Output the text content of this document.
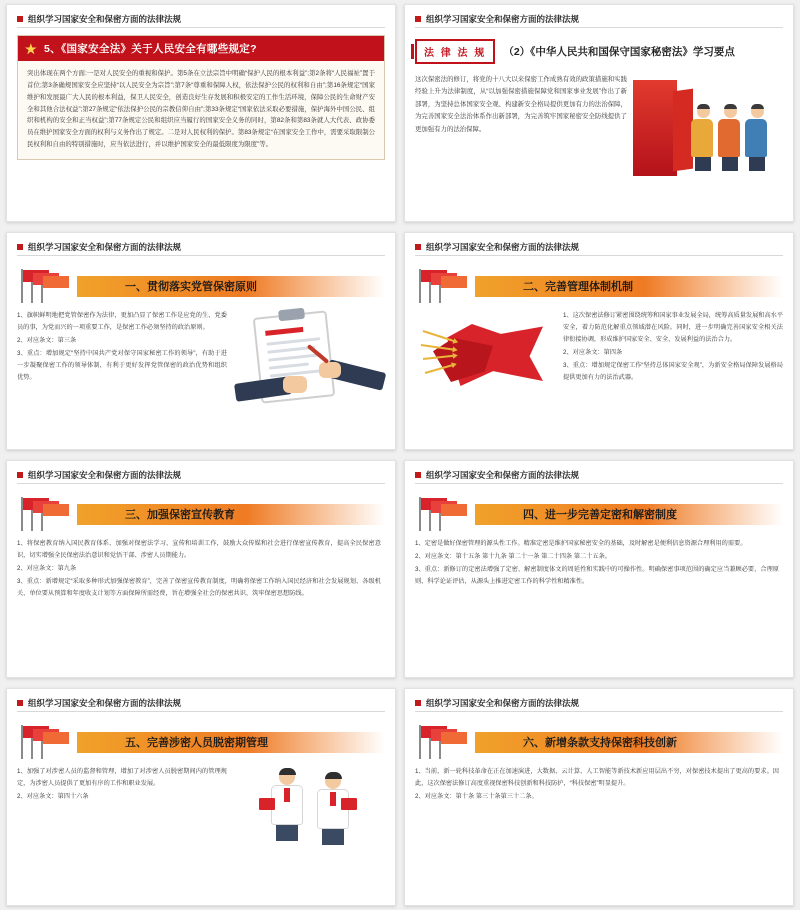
组织学习国家安全和保密方面的法律法规
★ 5、《国家安全法》关于人民安全有哪些规定?
突出体现在两个方面:一是对人民安全的重视和保护。第5条在立法宗旨中明确“保护人民的根本利益”;第2条将“人民福祉”置于首位;第3条确规国家安全应坚持“以人民安全为宗旨”;第7条“尊重和保障人权，依法保护公民的权利和自由”;第16条规定“国家维护和发展最广大人民的根本利益，保卫人民安全，创造良好生存发展和积极安定的工作生活环境，保障公民的生命财产安全和其他合法权益”;第27条规定“依法保护公民的宗教信仰自由”;第33条规定“国家依法采取必要措施，保护海外中国公民、组织和机构的安全和正当权益”;第77条规定公民和组织应当履行的国家安全义务的同时，第82条和第83条就人大代表、政协委员在维护国家安全方面的权利与义务作出了规定。二是对人民权利的保护。第83条规定“在国家安全工作中，需要采取限制公民权利和自由的特别措施时，应当依法进行，并以维护国家安全的最低限度为限度”等。
组织学习国家安全和保密方面的法律法规
法 律 法 规	（2）《中华人民共和国保守国家秘密法》学习要点
这次保密法的修订，将党的十八大以来保密工作成熟有效的政策措施和实践经验上升为法律制度，从“以加强保密措施保障党和国家事业发展”作出了新部署，为坚持总体国家安全观、构建新安全格局提供更加有力的法治保障，为完善国家安全法治体系作出新部署，为完善筑牢国家秘密安全防线提供了更加强有力的法治保障。
组织学习国家安全和保密方面的法律法规
一、贯彻落实党管保密原则

1、旗帜鲜明地把党管保密作为法律，更加凸显了保密工作是应党的生、党委员的事，为党而兴的一项重要工作，是保密工作必须坚持的政治原则。

2、对应条文：第三条

3、重点：增加规定“坚持中国共产党对保守国家秘密工作的领导”，有助于进一步凝聚保密工作的领导体制，有利于更好发挥党管保密的政治优势和组织优势。

组织学习国家安全和保密方面的法律法规
二、完善管理体制机制

1、这次保密法修订紧密围绕统筹和国家事业发展全局，统筹高质量发展和高水平安全，着力防范化解重点领域潜在风险。同时，进一步明确完善国家安全相关法律衔接协调，形成维护国家安全、安全、发展利益的法治合力。

2、对应条文：第四条

3、重点：增加规定保密工作“坚持总体国家安全观”，为新安全格局保障发展格局提供更加有力的法治武器。

组织学习国家安全和保密方面的法律法规
三、加强保密宣传教育

1、将保密教育纳入国民教育体系、加强对保密法学习、宣传和培训工作，鼓励大众传媒和社会进行保密宣传教育，提高全民保密意识，切实增强全民保密法治意识和觉悟干部、涉密人员期能力。

2、对应条文：第九条

3、重点：新增规定“采取多种形式加强保密教育”，完善了保密宣传教育制度，明确将保密工作纳入国民经济和社会发展规划、各级机关、单位要从预算和年度收支计划等方面保障所需经费，旨在增强全社会的保密共识、筑牢保密思想防线。

组织学习国家安全和保密方面的法律法规
四、进一步完善定密和解密制度

1、定密是做好保密管理的源头性工作。精准定密是维护国家秘密安全的基础，及时解密是便利信息资源合理利用的需要。

2、对应条文：第十五条 第十九条 第二十一条 第二十四条 第二十五条。

3、重点：新修订的定密法增强了定密、解密制度体文的周延性和实践中的可操作性。明确保密事项范围的确定应当兼顾必要、合理原则、科学论证评估，从源头上推进定密工作的科学性和精准性。

组织学习国家安全和保密方面的法律法规
五、完善涉密人员脱密期管理

1、加强了对涉密人员的监督和管理，增加了对涉密人员脱密期间内的管理规定，为涉密人员提供了更加有序的工作和职业发展。

2、对应条文：第四十六条

组织学习国家安全和保密方面的法律法规
六、新增条款支持保密科技创新

1、当前，新一轮科技革命在正在加速演进，大数据、云计算、人工智能等新技术新应用层出不穷，对保密技术提出了更高的要求。因此，这次保密法修订高度重视保密科技创新和科技防护，“科技保密”明显提升。

2、对应条文：第十条 第三十条第三十二条。
